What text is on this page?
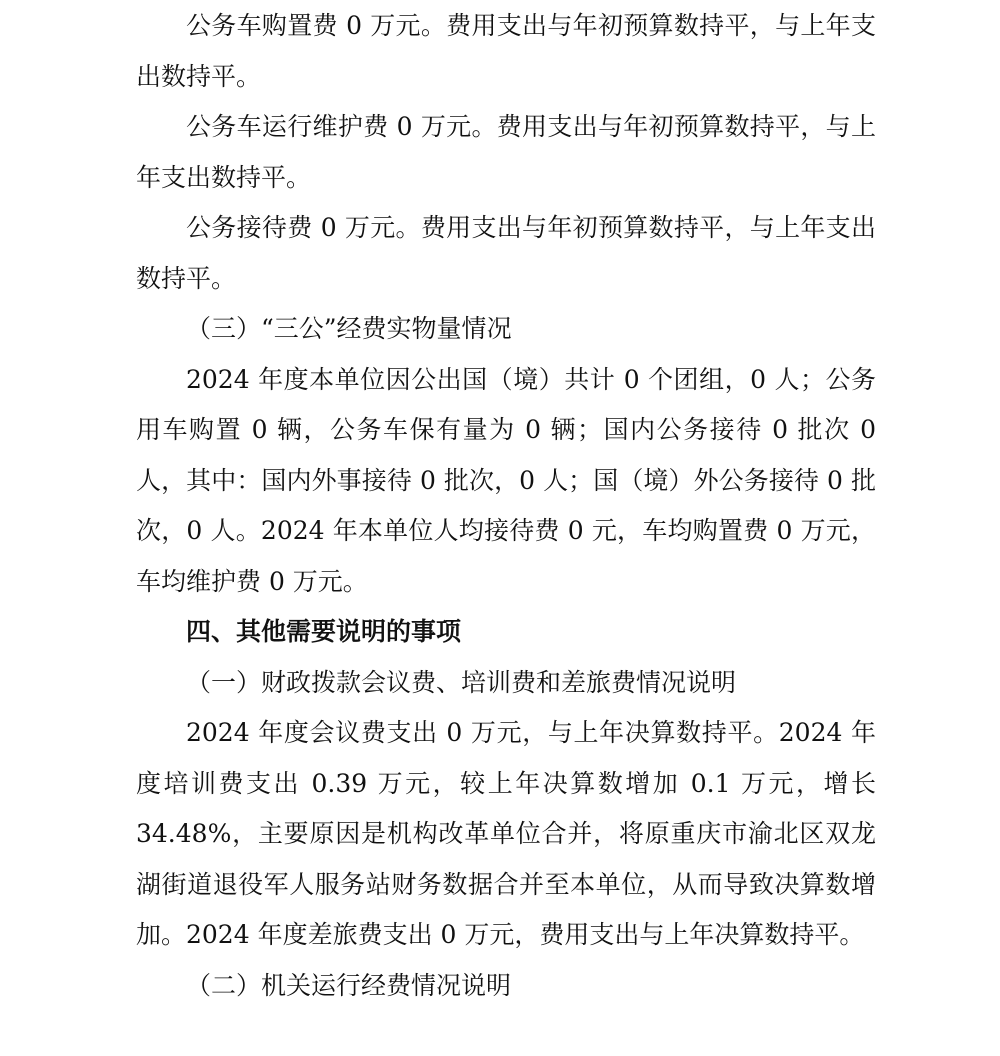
公务车购置费 0 万元。费用支出与年初预算数持平，与上年支出数持平。

公务车运行维护费 0 万元。费用支出与年初预算数持平，与上年支出数持平。

公务接待费 0 万元。费用支出与年初预算数持平，与上年支出数持平。

（三）“三公”经费实物量情况

2024 年度本单位因公出国（境）共计 0 个团组，0 人；公务用车购置 0 辆，公务车保有量为 0 辆；国内公务接待 0 批次 0 人，其中：国内外事接待 0 批次，0 人；国（境）外公务接待 0 批次，0 人。2024 年本单位人均接待费 0 元，车均购置费 0 万元，车均维护费 0 万元。

四、其他需要说明的事项

（一）财政拨款会议费、培训费和差旅费情况说明

2024 年度会议费支出 0 万元，与上年决算数持平。2024 年度培训费支出 0.39 万元，较上年决算数增加 0.1 万元，增长 34.48%，主要原因是机构改革单位合并，将原重庆市渝北区双龙湖街道退役军人服务站财务数据合并至本单位，从而导致决算数增加。2024 年度差旅费支出 0 万元，费用支出与上年决算数持平。

（二）机关运行经费情况说明
